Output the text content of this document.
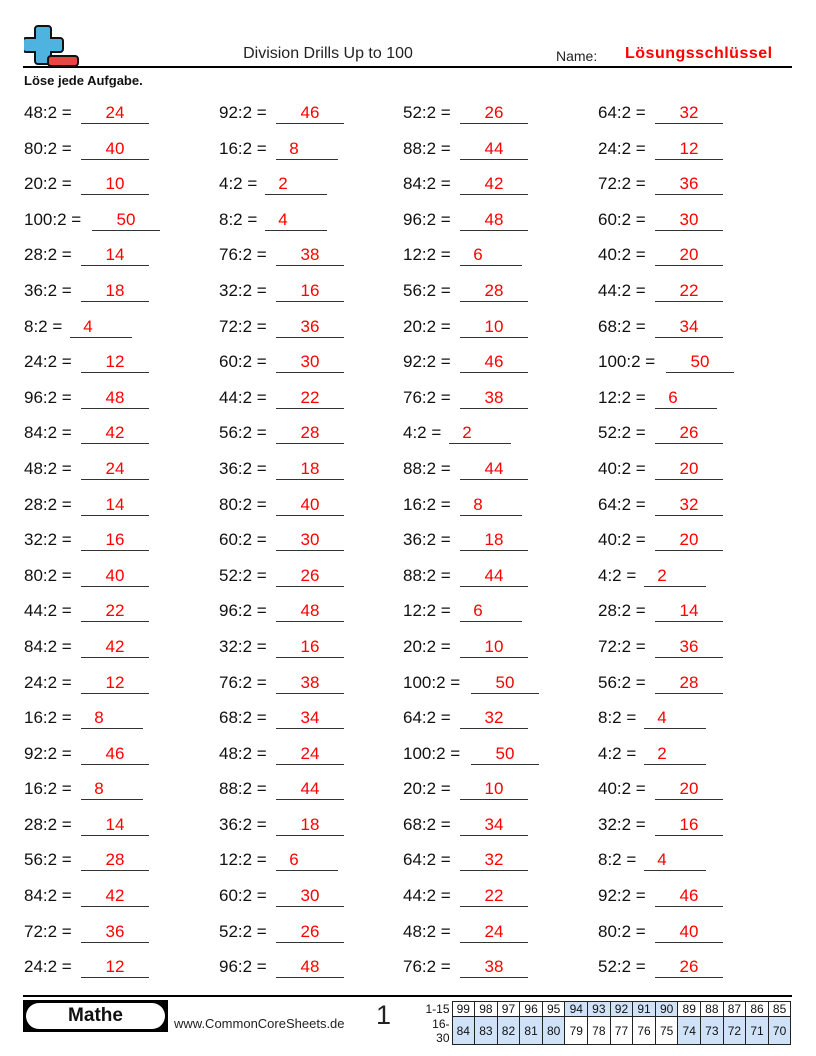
Division Drills Up to 100	Name: Lösungsschlüssel
Löse jede Aufgabe.
48:2 =	24	92:2 =	46	52:2 =	26	64:2 =	32
80:2 =	40	16:2 =	8	88:2 =	44	24:2 =	12
20:2 =	10	4:2 =	2	84:2 =	42	72:2 =	36
100:2 =	50	8:2 =	4	96:2 =	48	60:2 =	30
28:2 =	14	76:2 =	38	12:2 =	6	40:2 =	20
36:2 =	18	32:2 =	16	56:2 =	28	44:2 =	22
8:2 =	4	72:2 =	36	20:2 =	10	68:2 =	34
24:2 =	12	60:2 =	30	92:2 =	46	100:2 =	50
96:2 =	48	44:2 =	22	76:2 =	38	12:2 =	6
84:2 =	42	56:2 =	28	4:2 =	2	52:2 =	26
48:2 =	24	36:2 =	18	88:2 =	44	40:2 =	20
28:2 =	14	80:2 =	40	16:2 =	8	64:2 =	32
32:2 =	16	60:2 =	30	36:2 =	18	40:2 =	20
80:2 =	40	52:2 =	26	88:2 =	44	4:2 =	2
44:2 =	22	96:2 =	48	12:2 =	6	28:2 =	14
84:2 =	42	32:2 =	16	20:2 =	10	72:2 =	36
24:2 =	12	76:2 =	38	100:2 =	50	56:2 =	28
16:2 =	8	68:2 =	34	64:2 =	32	8:2 =	4
92:2 =	46	48:2 =	24	100:2 =	50	4:2 =	2
16:2 =	8	88:2 =	44	20:2 =	10	40:2 =	20
28:2 =	14	36:2 =	18	68:2 =	34	32:2 =	16
56:2 =	28	12:2 =	6	64:2 =	32	8:2 =	4
84:2 =	42	60:2 =	30	44:2 =	22	92:2 =	46
72:2 =	36	52:2 =	26	48:2 =	24	80:2 =	40
24:2 =	12	96:2 =	48	76:2 =	38	52:2 =	26
Mathe	www.CommonCoreSheets.de 1	1-15	99	98	97	96	95	94	93	92	91	90	89	88	87	86	85
16-30	84	83	82	81	80	79	78	77	76	75	74	73	72	71	70
